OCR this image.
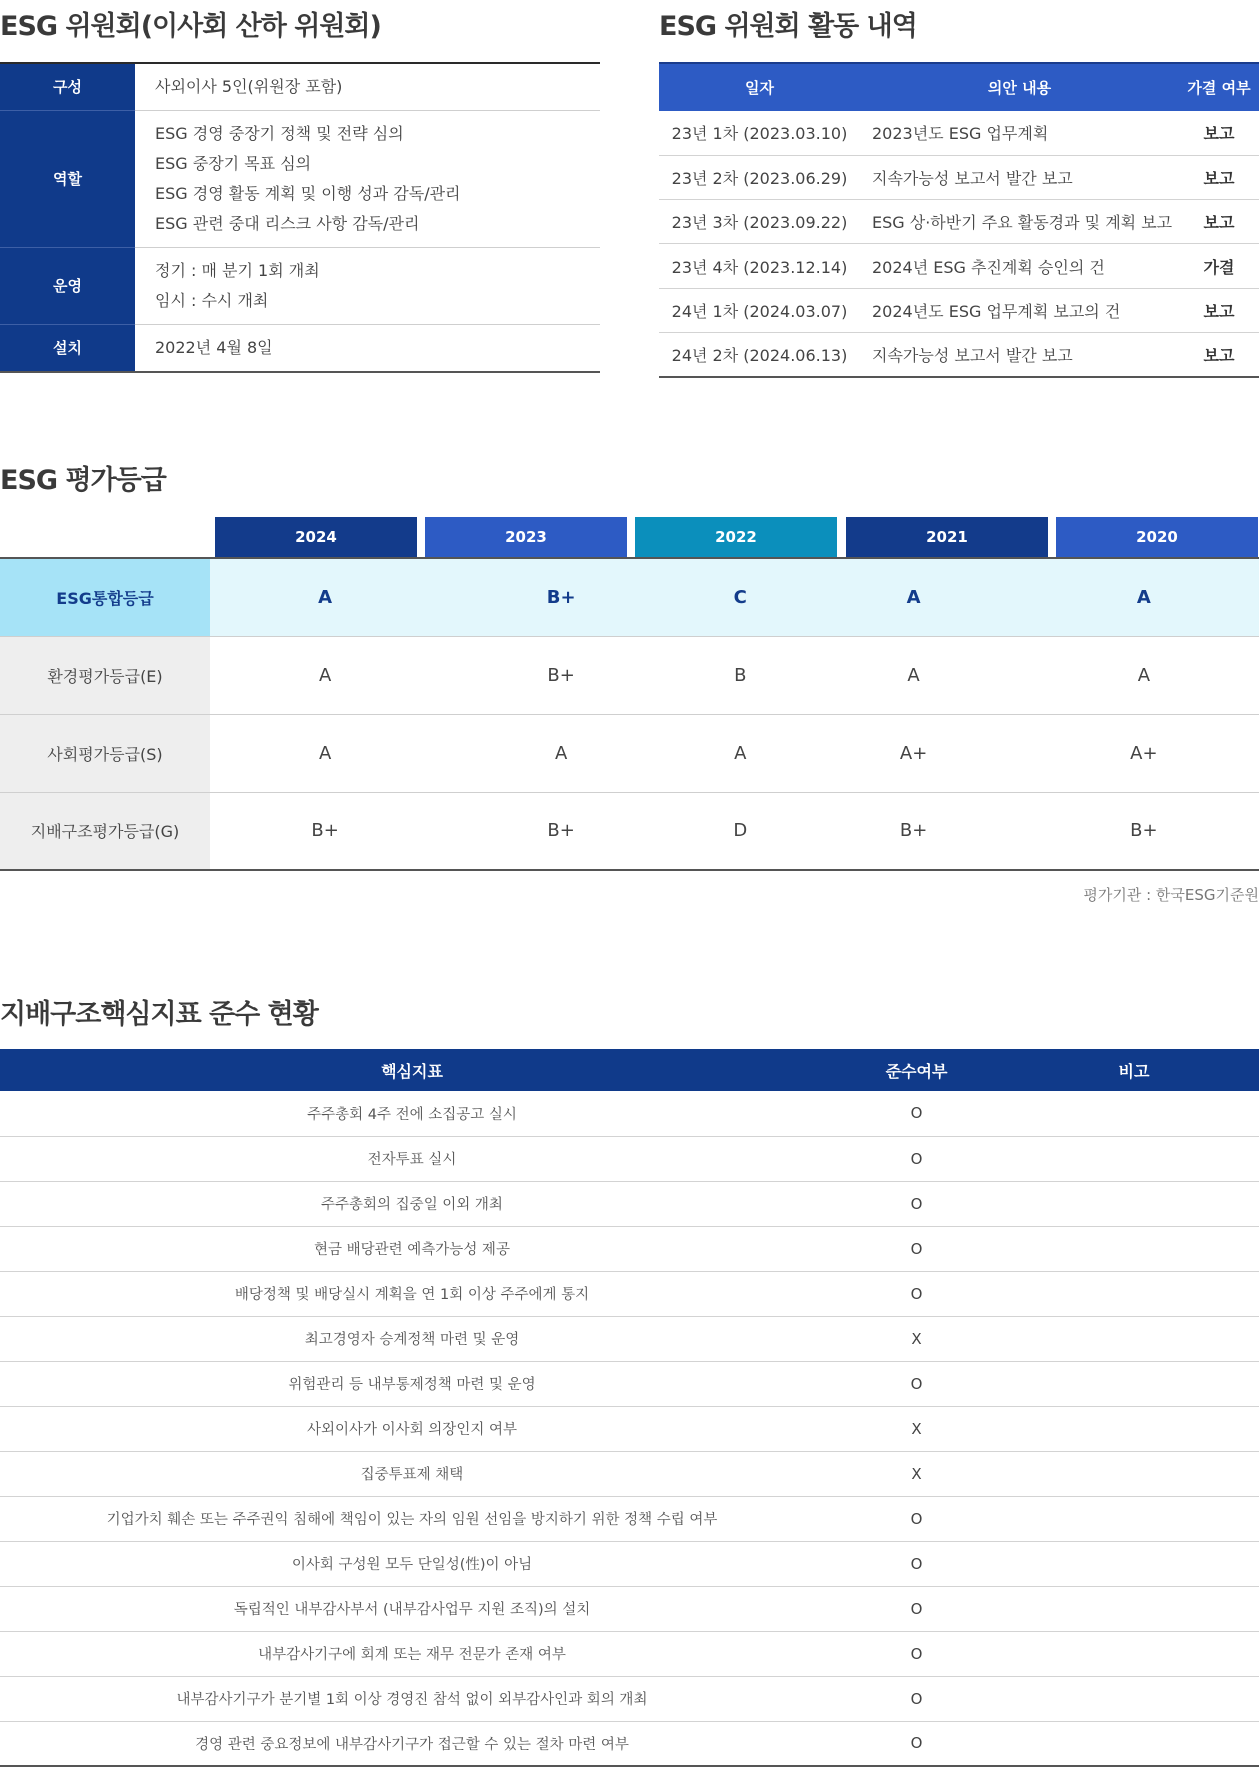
ESG 위원회(이사회 산하 위원회)
구성	사외이사 5인(위원장 포함)

역할	ESG 경영 중장기 정책 및 전략 심의
ESG 중장기 목표 심의
ESG 경영 활동 계획 및 이행 성과 감독/관리
ESG 관련 중대 리스크 사항 감독/관리

운영	정기 : 매 분기 1회 개최
임시 : 수시 개최

설치	2022년 4월 8일
ESG 위원회 활동 내역
일자	의안 내용	가결 여부
23년 1차 (2023.03.10)	2023년도 ESG 업무계획	보고
23년 2차 (2023.06.29)	지속가능성 보고서 발간 보고	보고
23년 3차 (2023.09.22)	ESG 상·하반기 주요 활동경과 및 계획 보고	보고
23년 4차 (2023.12.14)	2024년 ESG 추진계획 승인의 건	가결
24년 1차 (2024.03.07)	2024년도 ESG 업무계획 보고의 건	보고
24년 2차 (2024.06.13)	지속가능성 보고서 발간 보고	보고
ESG 평가등급
2024	2023	2022	2021	2020
ESG통합등급	A	B+	C	A	A
환경평가등급(E)	A	B+	B	A	A
사회평가등급(S)	A	A	A	A+	A+
지배구조평가등급(G)	B+	B+	D	B+	B+
평가기관 : 한국ESG기준원
지배구조핵심지표 준수 현황
핵심지표	준수여부	비고
주주총회 4주 전에 소집공고 실시	O	
전자투표 실시	O	
주주총회의 집중일 이외 개최	O	
현금 배당관련 예측가능성 제공	O	
배당정책 및 배당실시 계획을 연 1회 이상 주주에게 통지	O	
최고경영자 승계정책 마련 및 운영	X	
위험관리 등 내부통제정책 마련 및 운영	O	
사외이사가 이사회 의장인지 여부	X	
집중투표제 채택	X	
기업가치 훼손 또는 주주권익 침해에 책임이 있는 자의 임원 선임을 방지하기 위한 정책 수립 여부	O	
이사회 구성원 모두 단일성(性)이 아님	O	
독립적인 내부감사부서 (내부감사업무 지원 조직)의 설치	O	
내부감사기구에 회계 또는 재무 전문가 존재 여부	O	
내부감사기구가 분기별 1회 이상 경영진 참석 없이 외부감사인과 회의 개최	O	
경영 관련 중요정보에 내부감사기구가 접근할 수 있는 절차 마련 여부	O	
